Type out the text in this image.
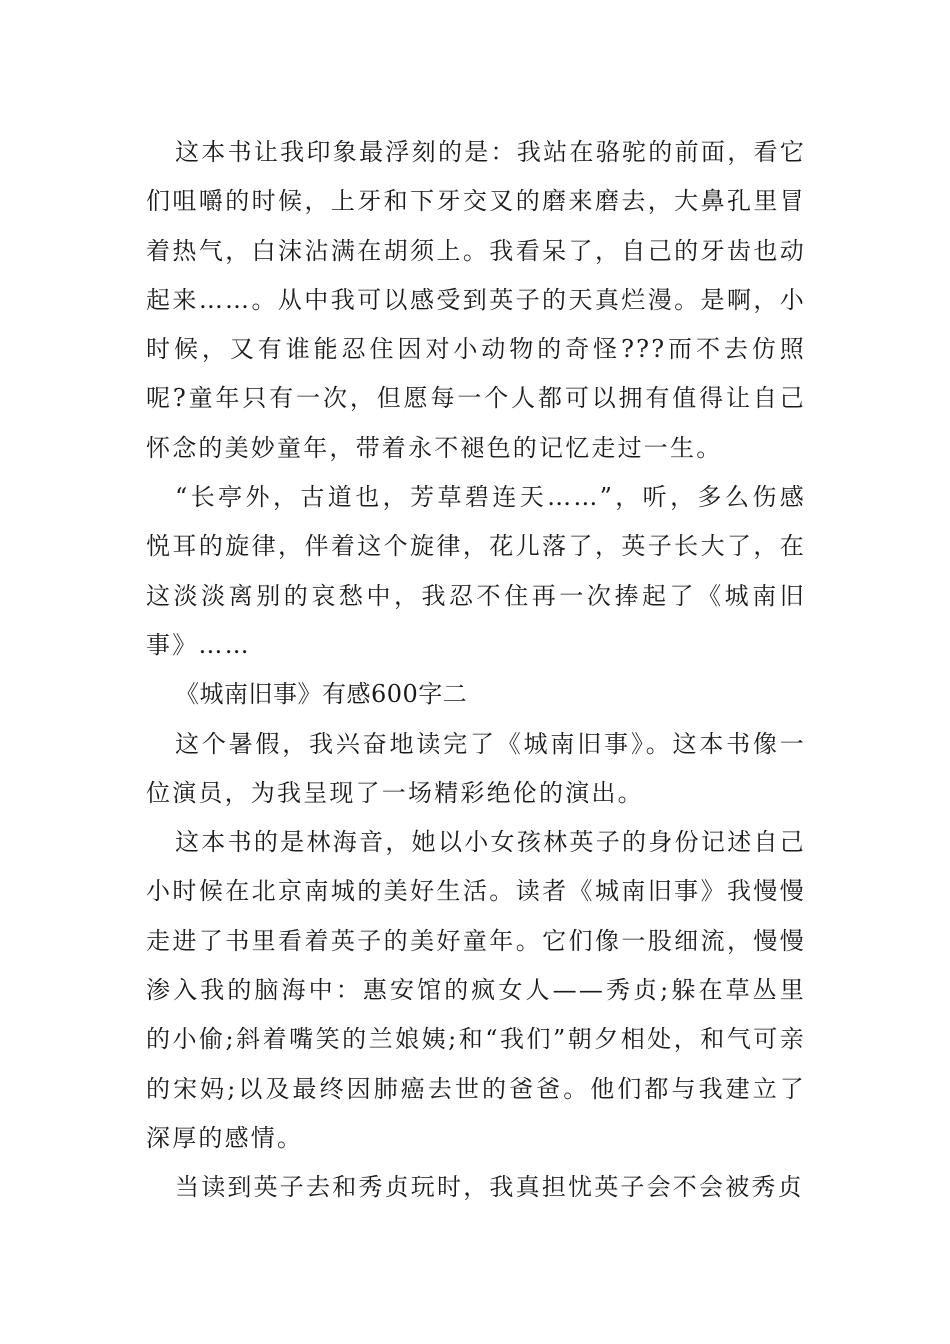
这本书让我印象最浮刻的是：我站在骆驼的前面，看它们咀嚼的时候，上牙和下牙交叉的磨来磨去，大鼻孔里冒着热气，白沫沾满在胡须上。我看呆了，自己的牙齿也动起来……。从中我可以感受到英子的天真烂漫。是啊，小时候，又有谁能忍住因对小动物的奇怪???而不去仿照呢?童年只有一次，但愿每一个人都可以拥有值得让自己怀念的美妙童年，带着永不褪色的记忆走过一生。

“长亭外，古道也，芳草碧连天……”，听，多么伤感悦耳的旋律，伴着这个旋律，花儿落了，英子长大了，在这淡淡离别的哀愁中，我忍不住再一次捧起了《城南旧事》……

《城南旧事》有感600字二

这个暑假，我兴奋地读完了《城南旧事》。这本书像一位演员，为我呈现了一场精彩绝伦的演出。

这本书的是林海音，她以小女孩林英子的身份记述自己小时候在北京南城的美好生活。读者《城南旧事》我慢慢走进了书里看着英子的美好童年。它们像一股细流，慢慢渗入我的脑海中：惠安馆的疯女人——秀贞;躲在草丛里的小偷;斜着嘴笑的兰娘姨;和“我们”朝夕相处，和气可亲的宋妈;以及最终因肺癌去世的爸爸。他们都与我建立了深厚的感情。

当读到英子去和秀贞玩时，我真担忧英子会不会被秀贞
